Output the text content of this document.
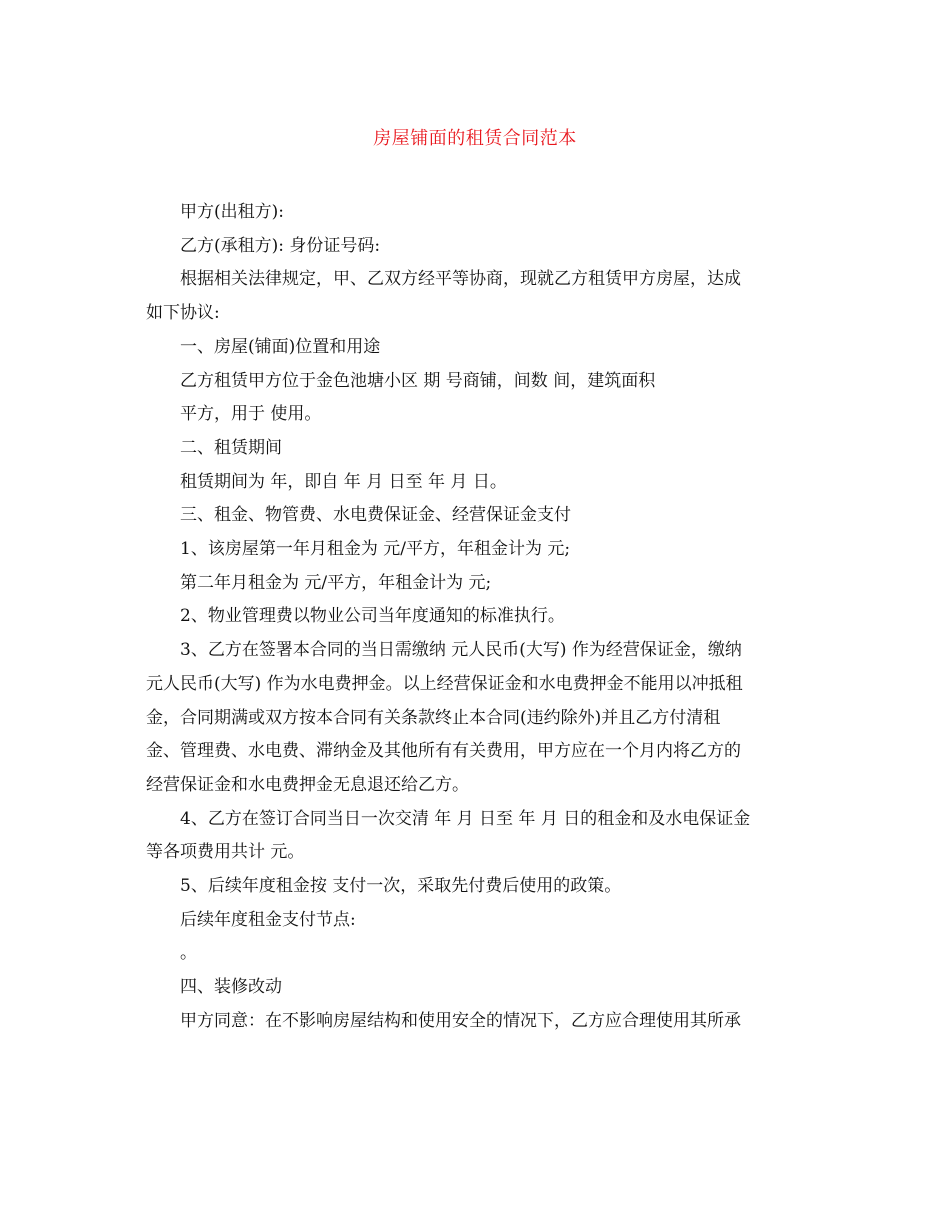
房屋铺面的租赁合同范本

甲方(出租方):

乙方(承租方): 身份证号码:

根据相关法律规定，甲、乙双方经平等协商，现就乙方租赁甲方房屋，达成

如下协议:

一、房屋(铺面)位置和用途

乙方租赁甲方位于金色池塘小区 期 号商铺，间数 间，建筑面积

平方，用于 使用。

二、租赁期间

租赁期间为 年，即自 年 月 日至 年 月 日。

三、租金、物管费、水电费保证金、经营保证金支付

1、该房屋第一年月租金为 元/平方，年租金计为 元;

第二年月租金为 元/平方，年租金计为 元;

2、物业管理费以物业公司当年度通知的标准执行。

3、乙方在签署本合同的当日需缴纳 元人民币(大写) 作为经营保证金，缴纳

元人民币(大写) 作为水电费押金。以上经营保证金和水电费押金不能用以冲抵租

金，合同期满或双方按本合同有关条款终止本合同(违约除外)并且乙方付清租

金、管理费、水电费、滞纳金及其他所有有关费用，甲方应在一个月内将乙方的

经营保证金和水电费押金无息退还给乙方。

4、乙方在签订合同当日一次交清 年 月 日至 年 月 日的租金和及水电保证金

等各项费用共计 元。

5、后续年度租金按 支付一次，采取先付费后使用的政策。

后续年度租金支付节点:

。

四、装修改动

甲方同意：在不影响房屋结构和使用安全的情况下，乙方应合理使用其所承
